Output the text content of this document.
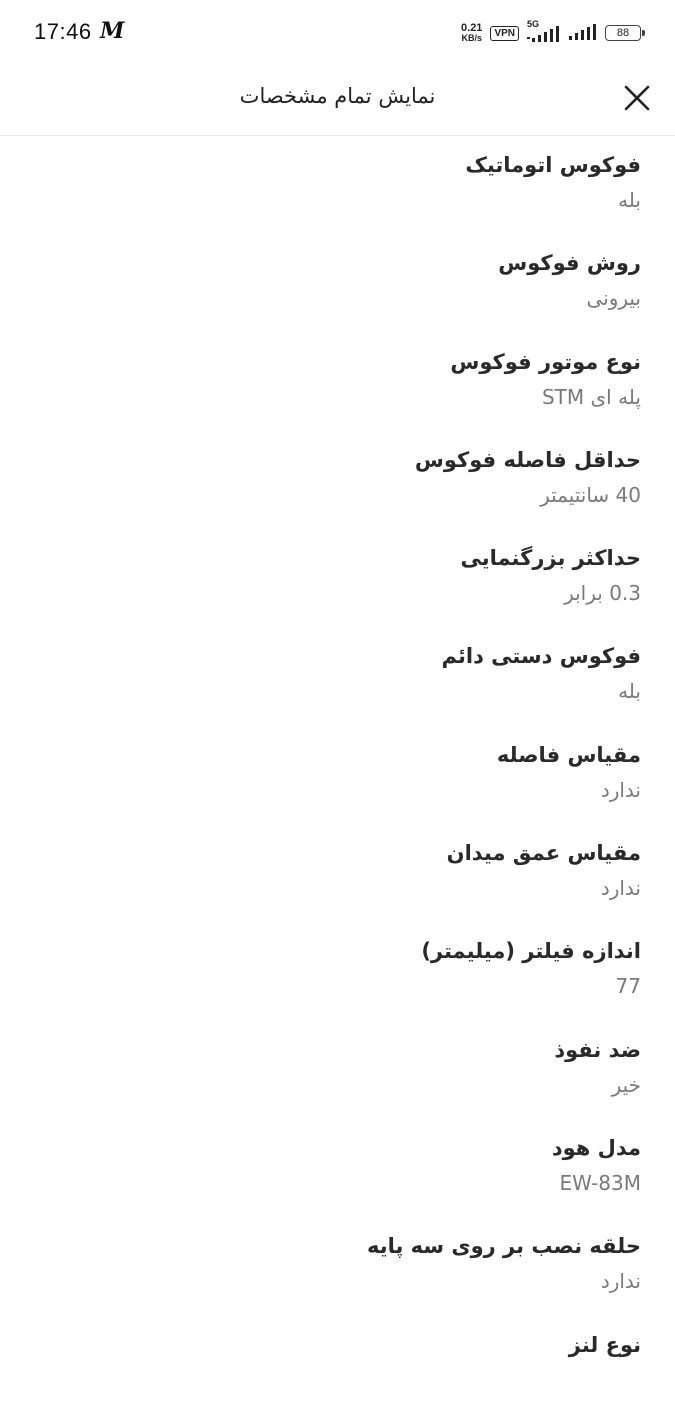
17:46 M	0.21
KB/s	VPN
5G
88
نمایش تمام مشخصات
فوکوس اتوماتیک
بله
روش فوکوس
بیرونی
نوع موتور فوکوس
پله ای STM
حداقل فاصله فوکوس
40 سانتیمتر
حداکثر بزرگنمایی
0.3 برابر
فوکوس دستی دائم
بله
مقیاس فاصله
ندارد
مقیاس عمق میدان
ندارد
اندازه فیلتر (میلیمتر)
77
ضد نفوذ
خیر
مدل هود
EW-83M
حلقه نصب بر روی سه پایه
ندارد
نوع لنز
